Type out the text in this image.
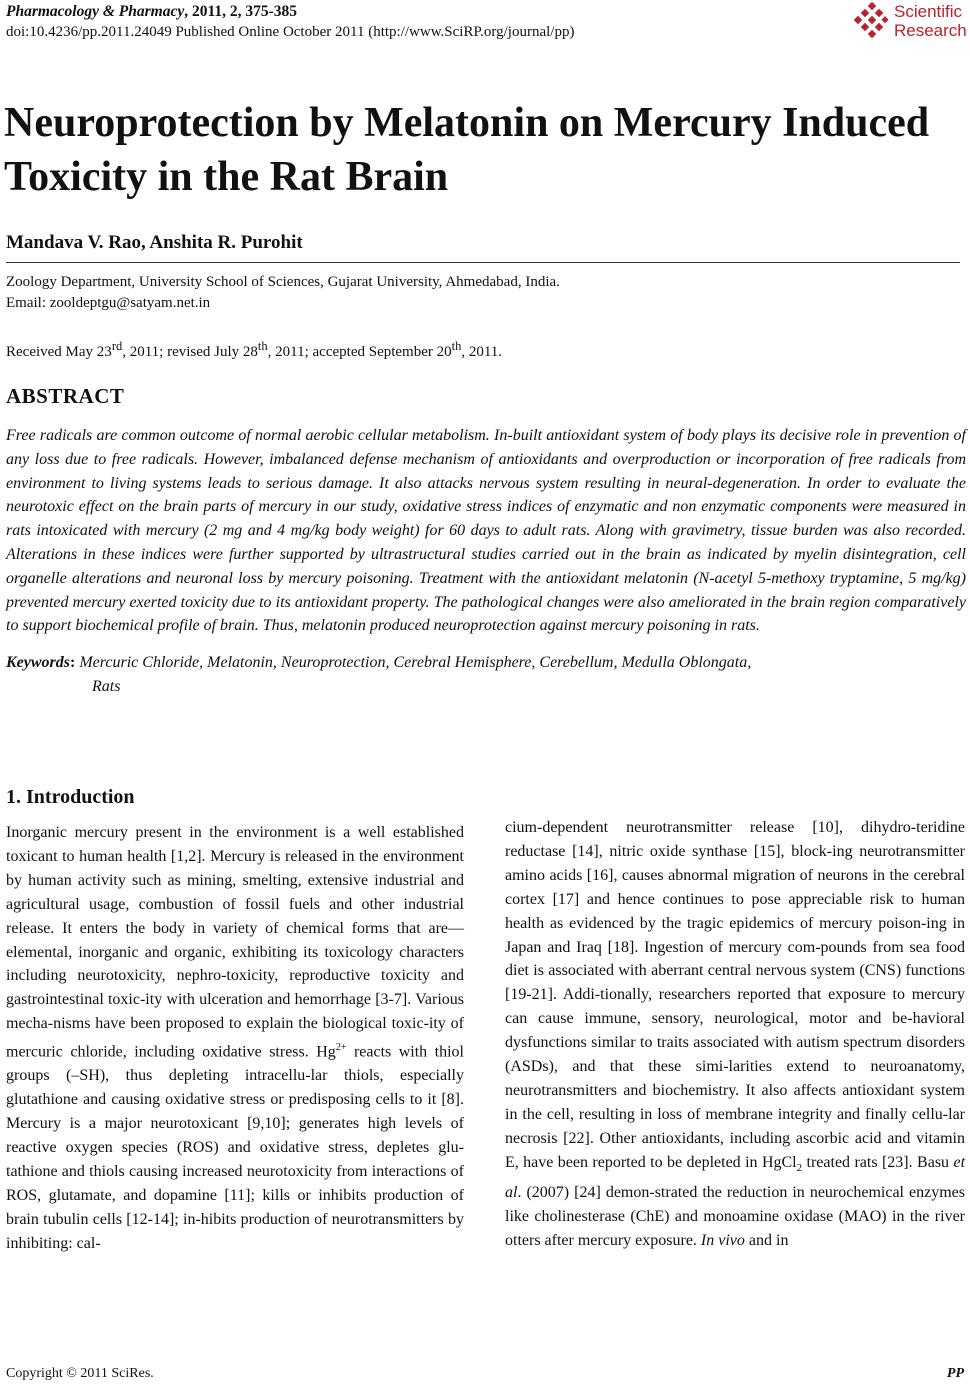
Pharmacology & Pharmacy, 2011, 2, 375-385
doi:10.4236/pp.2011.24049 Published Online October 2011 (http://www.SciRP.org/journal/pp)
Scientific
Research
Neuroprotection by Melatonin on Mercury Induced Toxicity in the Rat Brain
Mandava V. Rao, Anshita R. Purohit
Zoology Department, University School of Sciences, Gujarat University, Ahmedabad, India.
Email: zooldeptgu@satyam.net.in
Received May 23rd, 2011; revised July 28th, 2011; accepted September 20th, 2011.
ABSTRACT
Free radicals are common outcome of normal aerobic cellular metabolism. In-built antioxidant system of body plays its decisive role in prevention of any loss due to free radicals. However, imbalanced defense mechanism of antioxidants and overproduction or incorporation of free radicals from environment to living systems leads to serious damage. It also attacks nervous system resulting in neural-degeneration. In order to evaluate the neurotoxic effect on the brain parts of mercury in our study, oxidative stress indices of enzymatic and non enzymatic components were measured in rats intoxicated with mercury (2 mg and 4 mg/kg body weight) for 60 days to adult rats. Along with gravimetry, tissue burden was also recorded. Alterations in these indices were further supported by ultrastructural studies carried out in the brain as indicated by myelin disintegration, cell organelle alterations and neuronal loss by mercury poisoning. Treatment with the antioxidant melatonin (N-acetyl 5-methoxy tryptamine, 5 mg/kg) prevented mercury exerted toxicity due to its antioxidant property. The pathological changes were also ameliorated in the brain region comparatively to support biochemical profile of brain. Thus, melatonin produced neuroprotection against mercury poisoning in rats.
Keywords: Mercuric Chloride, Melatonin, Neuroprotection, Cerebral Hemisphere, Cerebellum, Medulla Oblongata,
Rats
1. Introduction

Inorganic mercury present in the environment is a well established toxicant to human health [1,2]. Mercury is released in the environment by human activity such as mining, smelting, extensive industrial and agricultural usage, combustion of fossil fuels and other industrial release. It enters the body in variety of chemical forms that are—elemental, inorganic and organic, exhibiting its toxicology characters including neurotoxicity, nephro-toxicity, reproductive toxicity and gastrointestinal toxic-ity with ulceration and hemorrhage [3-7]. Various mecha-nisms have been proposed to explain the biological toxic-ity of mercuric chloride, including oxidative stress. $Hg^{2+}$ reacts with thiol groups (–SH), thus depleting intracellu-lar thiols, especially glutathione and causing oxidative stress or predisposing cells to it [8]. Mercury is a major neurotoxicant [9,10]; generates high levels of reactive oxygen species (ROS) and oxidative stress, depletes glu-tathione and thiols causing increased neurotoxicity from interactions of ROS, glutamate, and dopamine [11]; kills or inhibits production of brain tubulin cells [12-14]; in-hibits production of neurotransmitters by inhibiting: cal-

cium-dependent neurotransmitter release [10], dihydro-teridine reductase [14], nitric oxide synthase [15], block-ing neurotransmitter amino acids [16], causes abnormal migration of neurons in the cerebral cortex [17] and hence continues to pose appreciable risk to human health as evidenced by the tragic epidemics of mercury poison-ing in Japan and Iraq [18]. Ingestion of mercury com-pounds from sea food diet is associated with aberrant central nervous system (CNS) functions [19-21]. Addi-tionally, researchers reported that exposure to mercury can cause immune, sensory, neurological, motor and be-havioral dysfunctions similar to traits associated with autism spectrum disorders (ASDs), and that these simi-larities extend to neuroanatomy, neurotransmitters and biochemistry. It also affects antioxidant system in the cell, resulting in loss of membrane integrity and finally cellu-lar necrosis [22]. Other antioxidants, including ascorbic acid and vitamin E, have been reported to be depleted in HgCl$_2$ treated rats [23]. Basu et al. (2007) [24] demon-strated the reduction in neurochemical enzymes like cholinesterase (ChE) and monoamine oxidase (MAO) in the river otters after mercury exposure. In vivo and in

Copyright © 2011 SciRes.	PP
